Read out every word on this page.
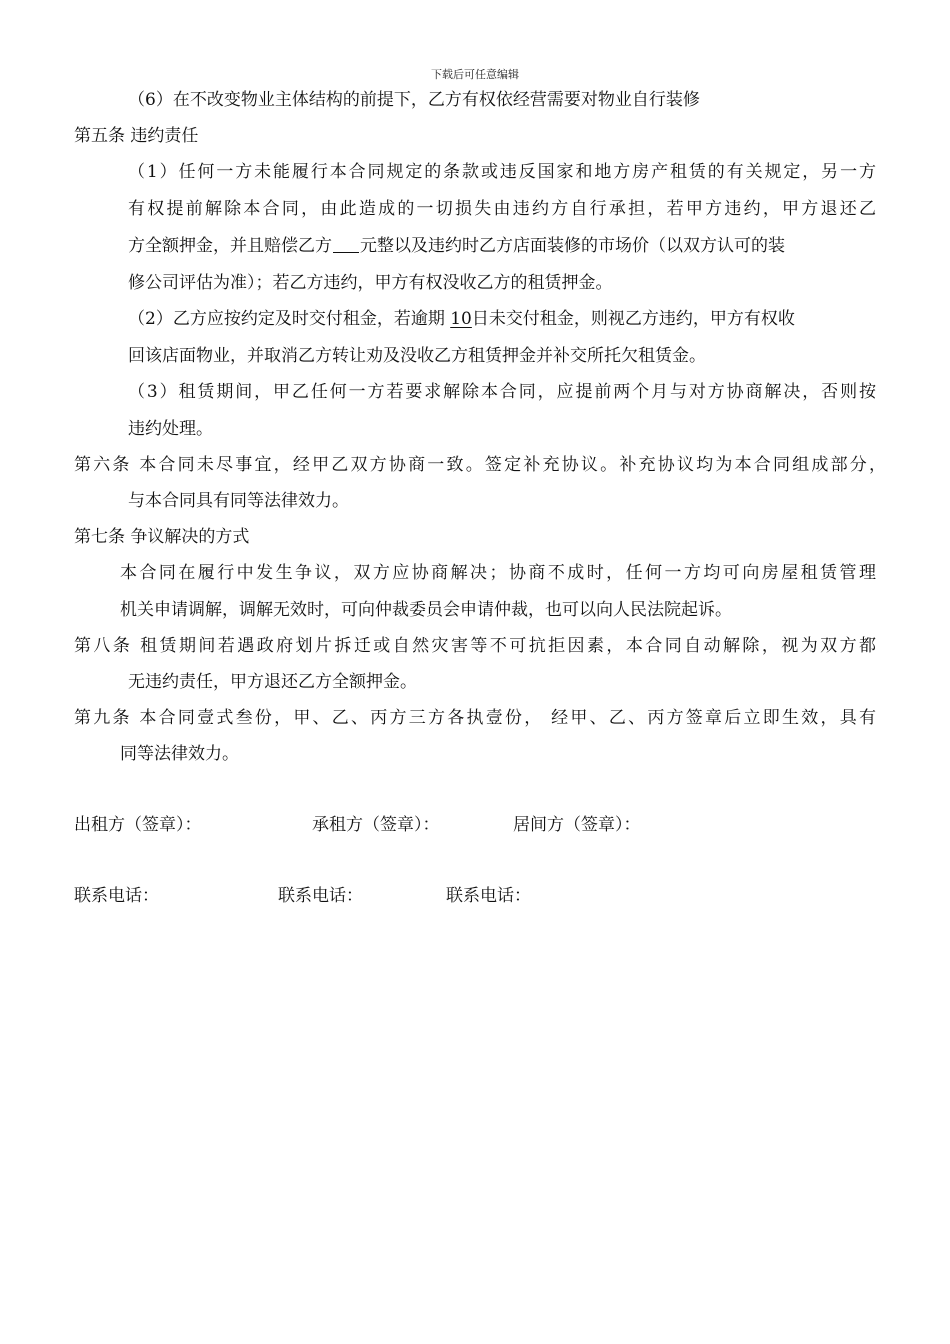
下载后可任意编辑
（6）在不改变物业主体结构的前提下，乙方有权依经营需要对物业自行装修
第五条 违约责任
（1）任何一方未能履行本合同规定的条款或违反国家和地方房产租赁的有关规定，另一方
有权提前解除本合同，由此造成的一切损失由违约方自行承担，若甲方违约，甲方退还乙
方全额押金，并且赔偿乙方 元整以及违约时乙方店面装修的市场价（以双方认可的装
修公司评估为准）；若乙方违约，甲方有权没收乙方的租赁押金。
（2）乙方应按约定及时交付租金，若逾期 10日未交付租金，则视乙方违约，甲方有权收
回该店面物业，并取消乙方转让劝及没收乙方租赁押金并补交所托欠租赁金。
（3）租赁期间，甲乙任何一方若要求解除本合同，应提前两个月与对方协商解决，否则按
违约处理。
第六条 本合同未尽事宜，经甲乙双方协商一致。签定补充协议。补充协议均为本合同组成部分，
与本合同具有同等法律效力。
第七条 争议解决的方式
本合同在履行中发生争议，双方应协商解决；协商不成时，任何一方均可向房屋租赁管理
机关申请调解，调解无效时，可向仲裁委员会申请仲裁，也可以向人民法院起诉。
第八条 租赁期间若遇政府划片拆迁或自然灾害等不可抗拒因素，本合同自动解除，视为双方都
无违约责任，甲方退还乙方全额押金。
第九条 本合同壹式叁份，甲、乙、丙方三方各执壹份， 经甲、乙、丙方签章后立即生效，具有
同等法律效力。
出租方（签章）：	承租方（签章）：	居间方（签章）：
联系电话：	联系电话：	联系电话：
